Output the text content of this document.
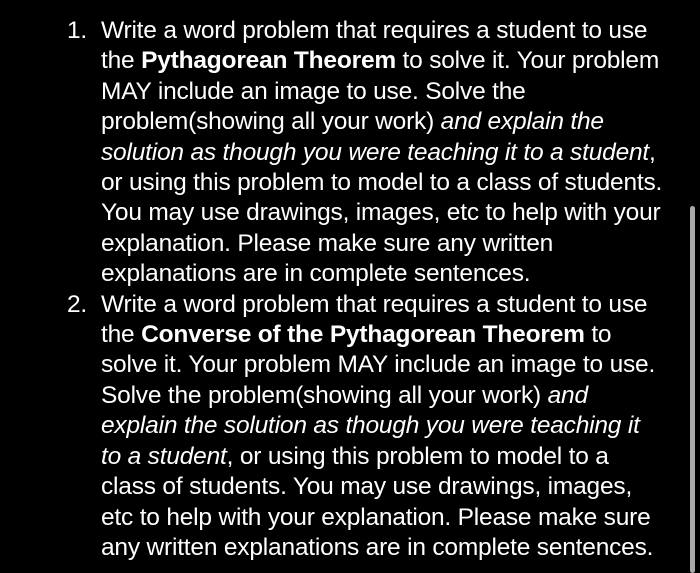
1. Write a word problem that requires a student to use the Pythagorean Theorem to solve it. Your problem MAY include an image to use. Solve the problem(showing all your work) and explain the solution as though you were teaching it to a student, or using this problem to model to a class of students. You may use drawings, images, etc to help with your explanation. Please make sure any written explanations are in complete sentences.
2. Write a word problem that requires a student to use the Converse of the Pythagorean Theorem to solve it. Your problem MAY include an image to use. Solve the problem(showing all your work) and explain the solution as though you were teaching it to a student, or using this problem to model to a class of students. You may use drawings, images, etc to help with your explanation. Please make sure any written explanations are in complete sentences.
